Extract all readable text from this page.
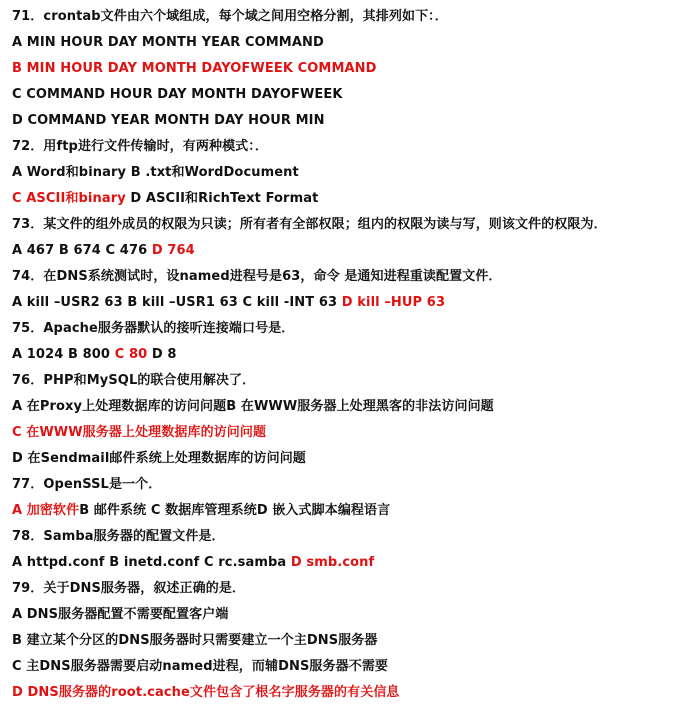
71．crontab文件由六个域组成，每个域之间用空格分割，其排列如下：．
A MIN HOUR DAY MONTH YEAR COMMAND
B MIN HOUR DAY MONTH DAYOFWEEK COMMAND
C COMMAND HOUR DAY MONTH DAYOFWEEK
D COMMAND YEAR MONTH DAY HOUR MIN
72．用ftp进行文件传输时，有两种模式：．
A Word和binary B .txt和WordDocument
C ASCII和binary D ASCII和RichText Format
73．某文件的组外成员的权限为只读；所有者有全部权限；组内的权限为读与写，则该文件的权限为．
A 467 B 674 C 476 D 764
74．在DNS系统测试时，设named进程号是63，命令 是通知进程重读配置文件．
A kill –USR2 63 B kill –USR1 63 C kill -INT 63 D kill –HUP 63
75．Apache服务器默认的接听连接端口号是．
A 1024 B 800 C 80 D 8
76．PHP和MySQL的联合使用解决了．
A 在Proxy上处理数据库的访问问题B 在WWW服务器上处理黑客的非法访问问题
C 在WWW服务器上处理数据库的访问问题
D 在Sendmail邮件系统上处理数据库的访问问题
77．OpenSSL是一个．
A 加密软件B 邮件系统 C 数据库管理系统D 嵌入式脚本编程语言
78．Samba服务器的配置文件是．
A httpd.conf B inetd.conf C rc.samba D smb.conf
79．关于DNS服务器，叙述正确的是．
A DNS服务器配置不需要配置客户端
B 建立某个分区的DNS服务器时只需要建立一个主DNS服务器
C 主DNS服务器需要启动named进程，而辅DNS服务器不需要
D DNS服务器的root.cache文件包含了根名字服务器的有关信息
